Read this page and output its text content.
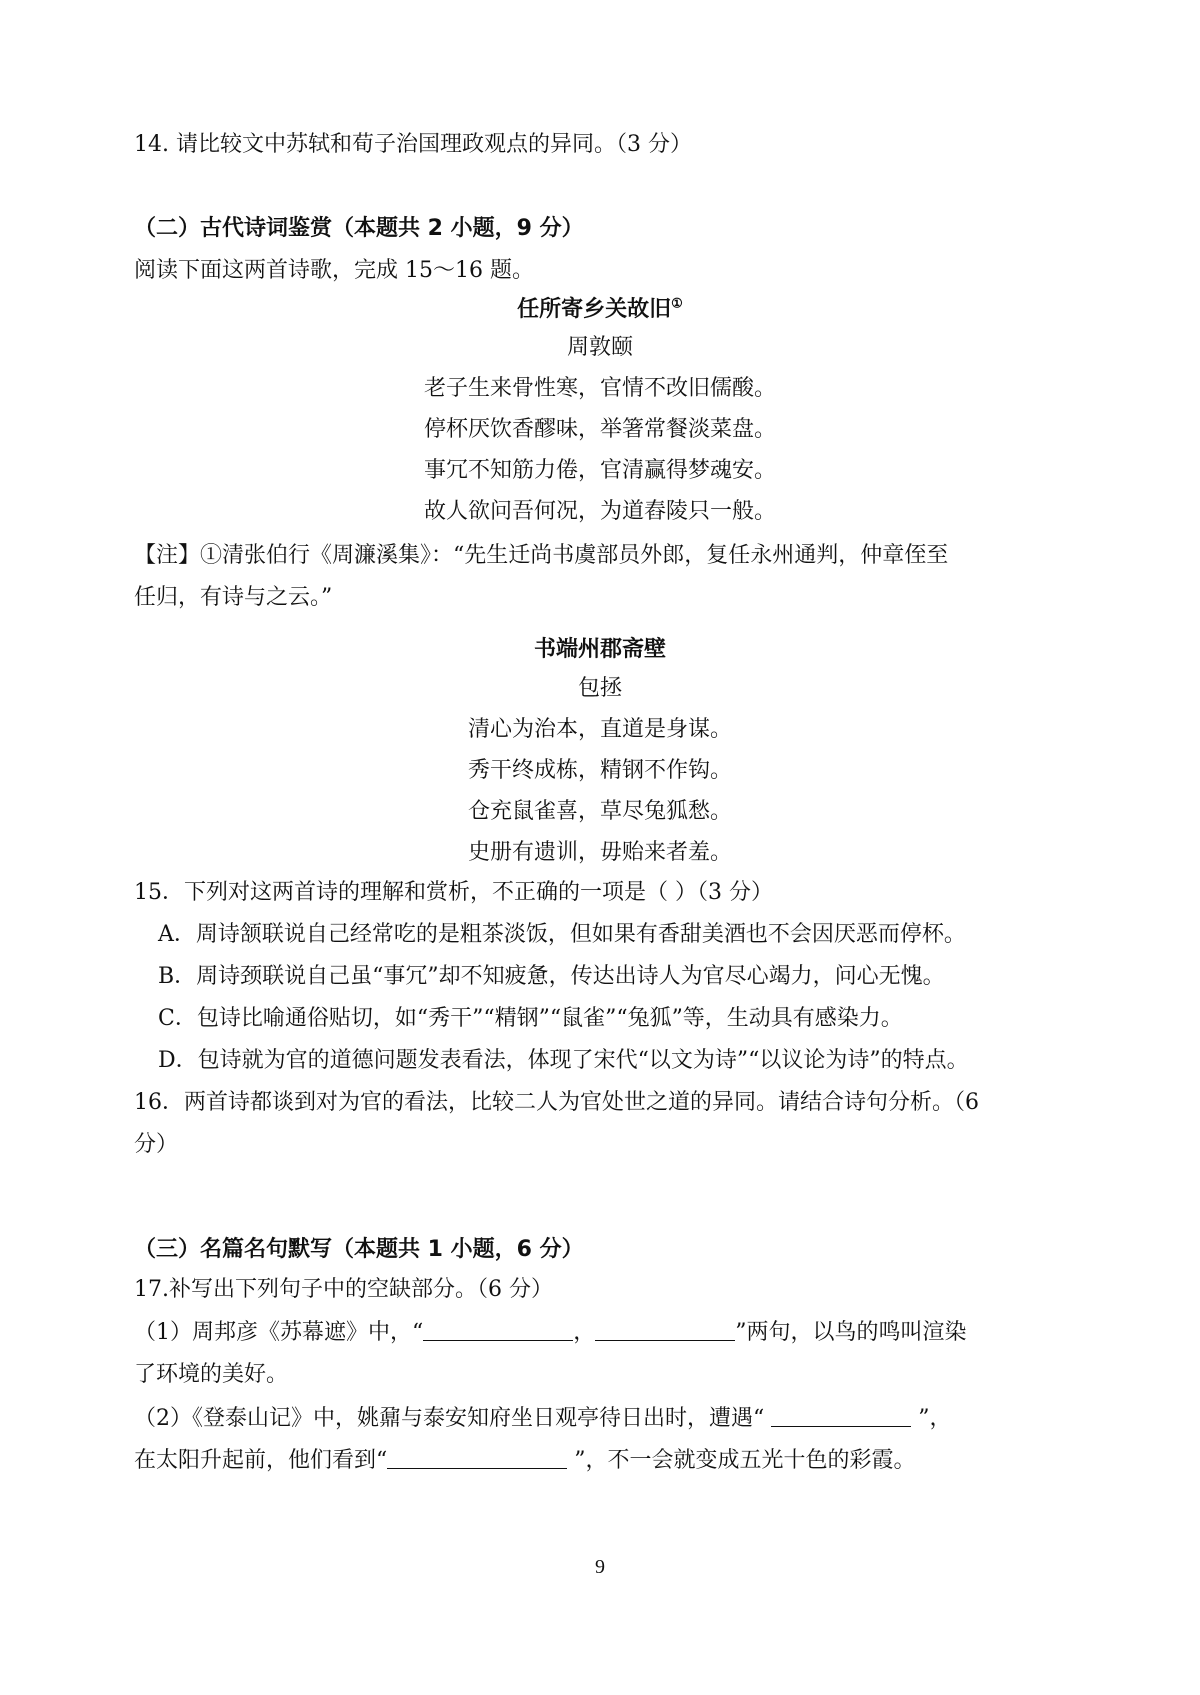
14. 请比较文中苏轼和荀子治国理政观点的异同。（3 分）
（二）古代诗词鉴赏（本题共 2 小题，9 分）
阅读下面这两首诗歌，完成 15～16 题。
任所寄乡关故旧①
周敦颐
老子生来骨性寒，官情不改旧儒酸。
停杯厌饮香醪味，举箸常餐淡菜盘。
事冗不知筋力倦，官清赢得梦魂安。
故人欲问吾何况，为道舂陵只一般。
【注】①清张伯行《周濂溪集》：“先生迁尚书虞部员外郎，复任永州通判，仲章侄至
任归，有诗与之云。”
书端州郡斋壁
包拯
清心为治本，直道是身谋。
秀干终成栋，精钢不作钩。
仓充鼠雀喜，草尽兔狐愁。
史册有遗训，毋贻来者羞。
15．下列对这两首诗的理解和赏析，不正确的一项是（ ）（3 分）
A．周诗颔联说自己经常吃的是粗茶淡饭，但如果有香甜美酒也不会因厌恶而停杯。
B．周诗颈联说自己虽“事冗”却不知疲惫，传达出诗人为官尽心竭力，问心无愧。
C．包诗比喻通俗贴切，如“秀干”“精钢”“鼠雀”“兔狐”等，生动具有感染力。
D．包诗就为官的道德问题发表看法，体现了宋代“以文为诗”“以议论为诗”的特点。
16．两首诗都谈到对为官的看法，比较二人为官处世之道的异同。请结合诗句分析。（6
分）
（三）名篇名句默写（本题共 1 小题，6 分）
17.补写出下列句子中的空缺部分。（6 分）
（1）周邦彦《苏幕遮》中，“	，	”两句，以鸟的鸣叫渲染
了环境的美好。
（2）《登泰山记》中，姚鼐与泰安知府坐日观亭待日出时，遭遇“	”，
在太阳升起前，他们看到“	”，不一会就变成五光十色的彩霞。
9
